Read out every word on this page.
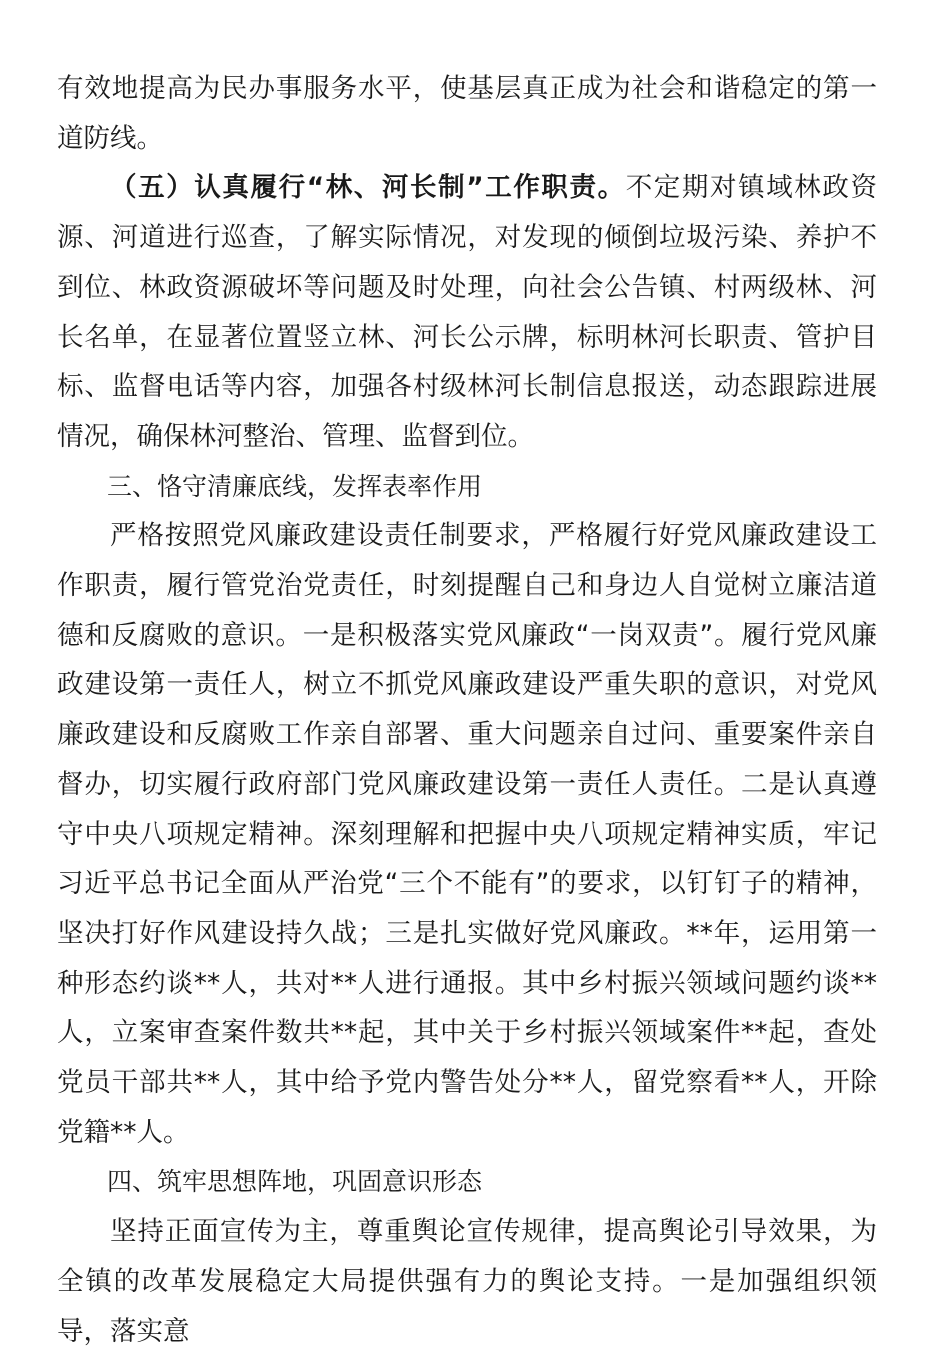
有效地提高为民办事服务水平，使基层真正成为社会和谐稳定的第一道防线。

（五）认真履行“林、河长制”工作职责。不定期对镇域林政资源、河道进行巡查，了解实际情况，对发现的倾倒垃圾污染、养护不到位、林政资源破坏等问题及时处理，向社会公告镇、村两级林、河长名单，在显著位置竖立林、河长公示牌，标明林河长职责、管护目标、监督电话等内容，加强各村级林河长制信息报送，动态跟踪进展情况，确保林河整治、管理、监督到位。

三、恪守清廉底线，发挥表率作用

严格按照党风廉政建设责任制要求，严格履行好党风廉政建设工作职责，履行管党治党责任，时刻提醒自己和身边人自觉树立廉洁道德和反腐败的意识。一是积极落实党风廉政“一岗双责”。履行党风廉政建设第一责任人，树立不抓党风廉政建设严重失职的意识，对党风廉政建设和反腐败工作亲自部署、重大问题亲自过问、重要案件亲自督办，切实履行政府部门党风廉政建设第一责任人责任。二是认真遵守中央八项规定精神。深刻理解和把握中央八项规定精神实质，牢记习近平总书记全面从严治党“三个不能有”的要求，以钉钉子的精神，坚决打好作风建设持久战；三是扎实做好党风廉政。**年，运用第一种形态约谈**人，共对**人进行通报。其中乡村振兴领域问题约谈**人，立案审查案件数共**起，其中关于乡村振兴领域案件**起，查处党员干部共**人，其中给予党内警告处分**人，留党察看**人，开除党籍**人。

四、筑牢思想阵地，巩固意识形态

坚持正面宣传为主，尊重舆论宣传规律，提高舆论引导效果，为全镇的改革发展稳定大局提供强有力的舆论支持。一是加强组织领导，落实意
